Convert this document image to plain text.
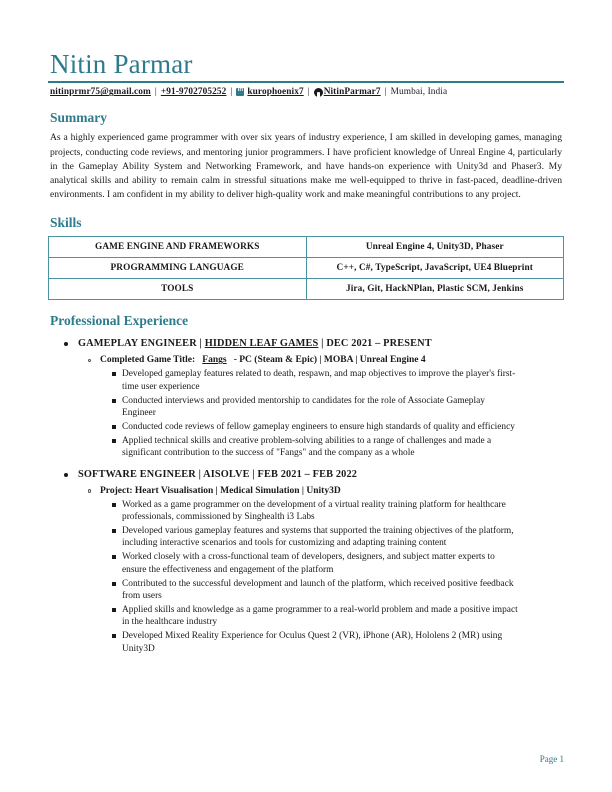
Nitin Parmar
nitinprmr75@gmail.com | +91-9702705252 | in	kurophoenix7 |	NitinParmar7 | Mumbai, India
Summary

As a highly experienced game programmer with over six years of industry experience, I am skilled in developing games, managing projects, conducting code reviews, and mentoring junior programmers. I have proficient knowledge of Unreal Engine 4, particularly in the Gameplay Ability System and Networking Framework, and have hands-on experience with Unity3d and Phaser3. My analytical skills and ability to remain calm in stressful situations make me well-equipped to thrive in fast-paced, deadline-driven environments. I am confident in my ability to deliver high-quality work and make meaningful contributions to any project.

Skills
GAME ENGINE AND FRAMEWORKS	Unreal Engine 4, Unity3D, Phaser
PROGRAMMING LANGUAGE	C++, C#, TypeScript, JavaScript, UE4 Blueprint
TOOLS	Jira, Git, HackNPlan, Plastic SCM, Jenkins
Professional Experience
GAMEPLAY ENGINEER | HIDDEN LEAF GAMES | DEC 2021 – PRESENT
Completed Game Title: Fangs - PC (Steam & Epic) | MOBA | Unreal Engine 4
Developed gameplay features related to death, respawn, and map objectives to improve the player's first-time user experience
Conducted interviews and provided mentorship to candidates for the role of Associate Gameplay Engineer
Conducted code reviews of fellow gameplay engineers to ensure high standards of quality and efficiency
Applied technical skills and creative problem-solving abilities to a range of challenges and made a significant contribution to the success of "Fangs" and the company as a whole
SOFTWARE ENGINEER | AISOLVE | FEB 2021 – FEB 2022
Project: Heart Visualisation | Medical Simulation | Unity3D
Worked as a game programmer on the development of a virtual reality training platform for healthcare professionals, commissioned by Singhealth i3 Labs
Developed various gameplay features and systems that supported the training objectives of the platform, including interactive scenarios and tools for customizing and adapting training content
Worked closely with a cross-functional team of developers, designers, and subject matter experts to ensure the effectiveness and engagement of the platform
Contributed to the successful development and launch of the platform, which received positive feedback from users
Applied skills and knowledge as a game programmer to a real-world problem and made a positive impact in the healthcare industry
Developed Mixed Reality Experience for Oculus Quest 2 (VR), iPhone (AR), Hololens 2 (MR) using Unity3D
Page 1
